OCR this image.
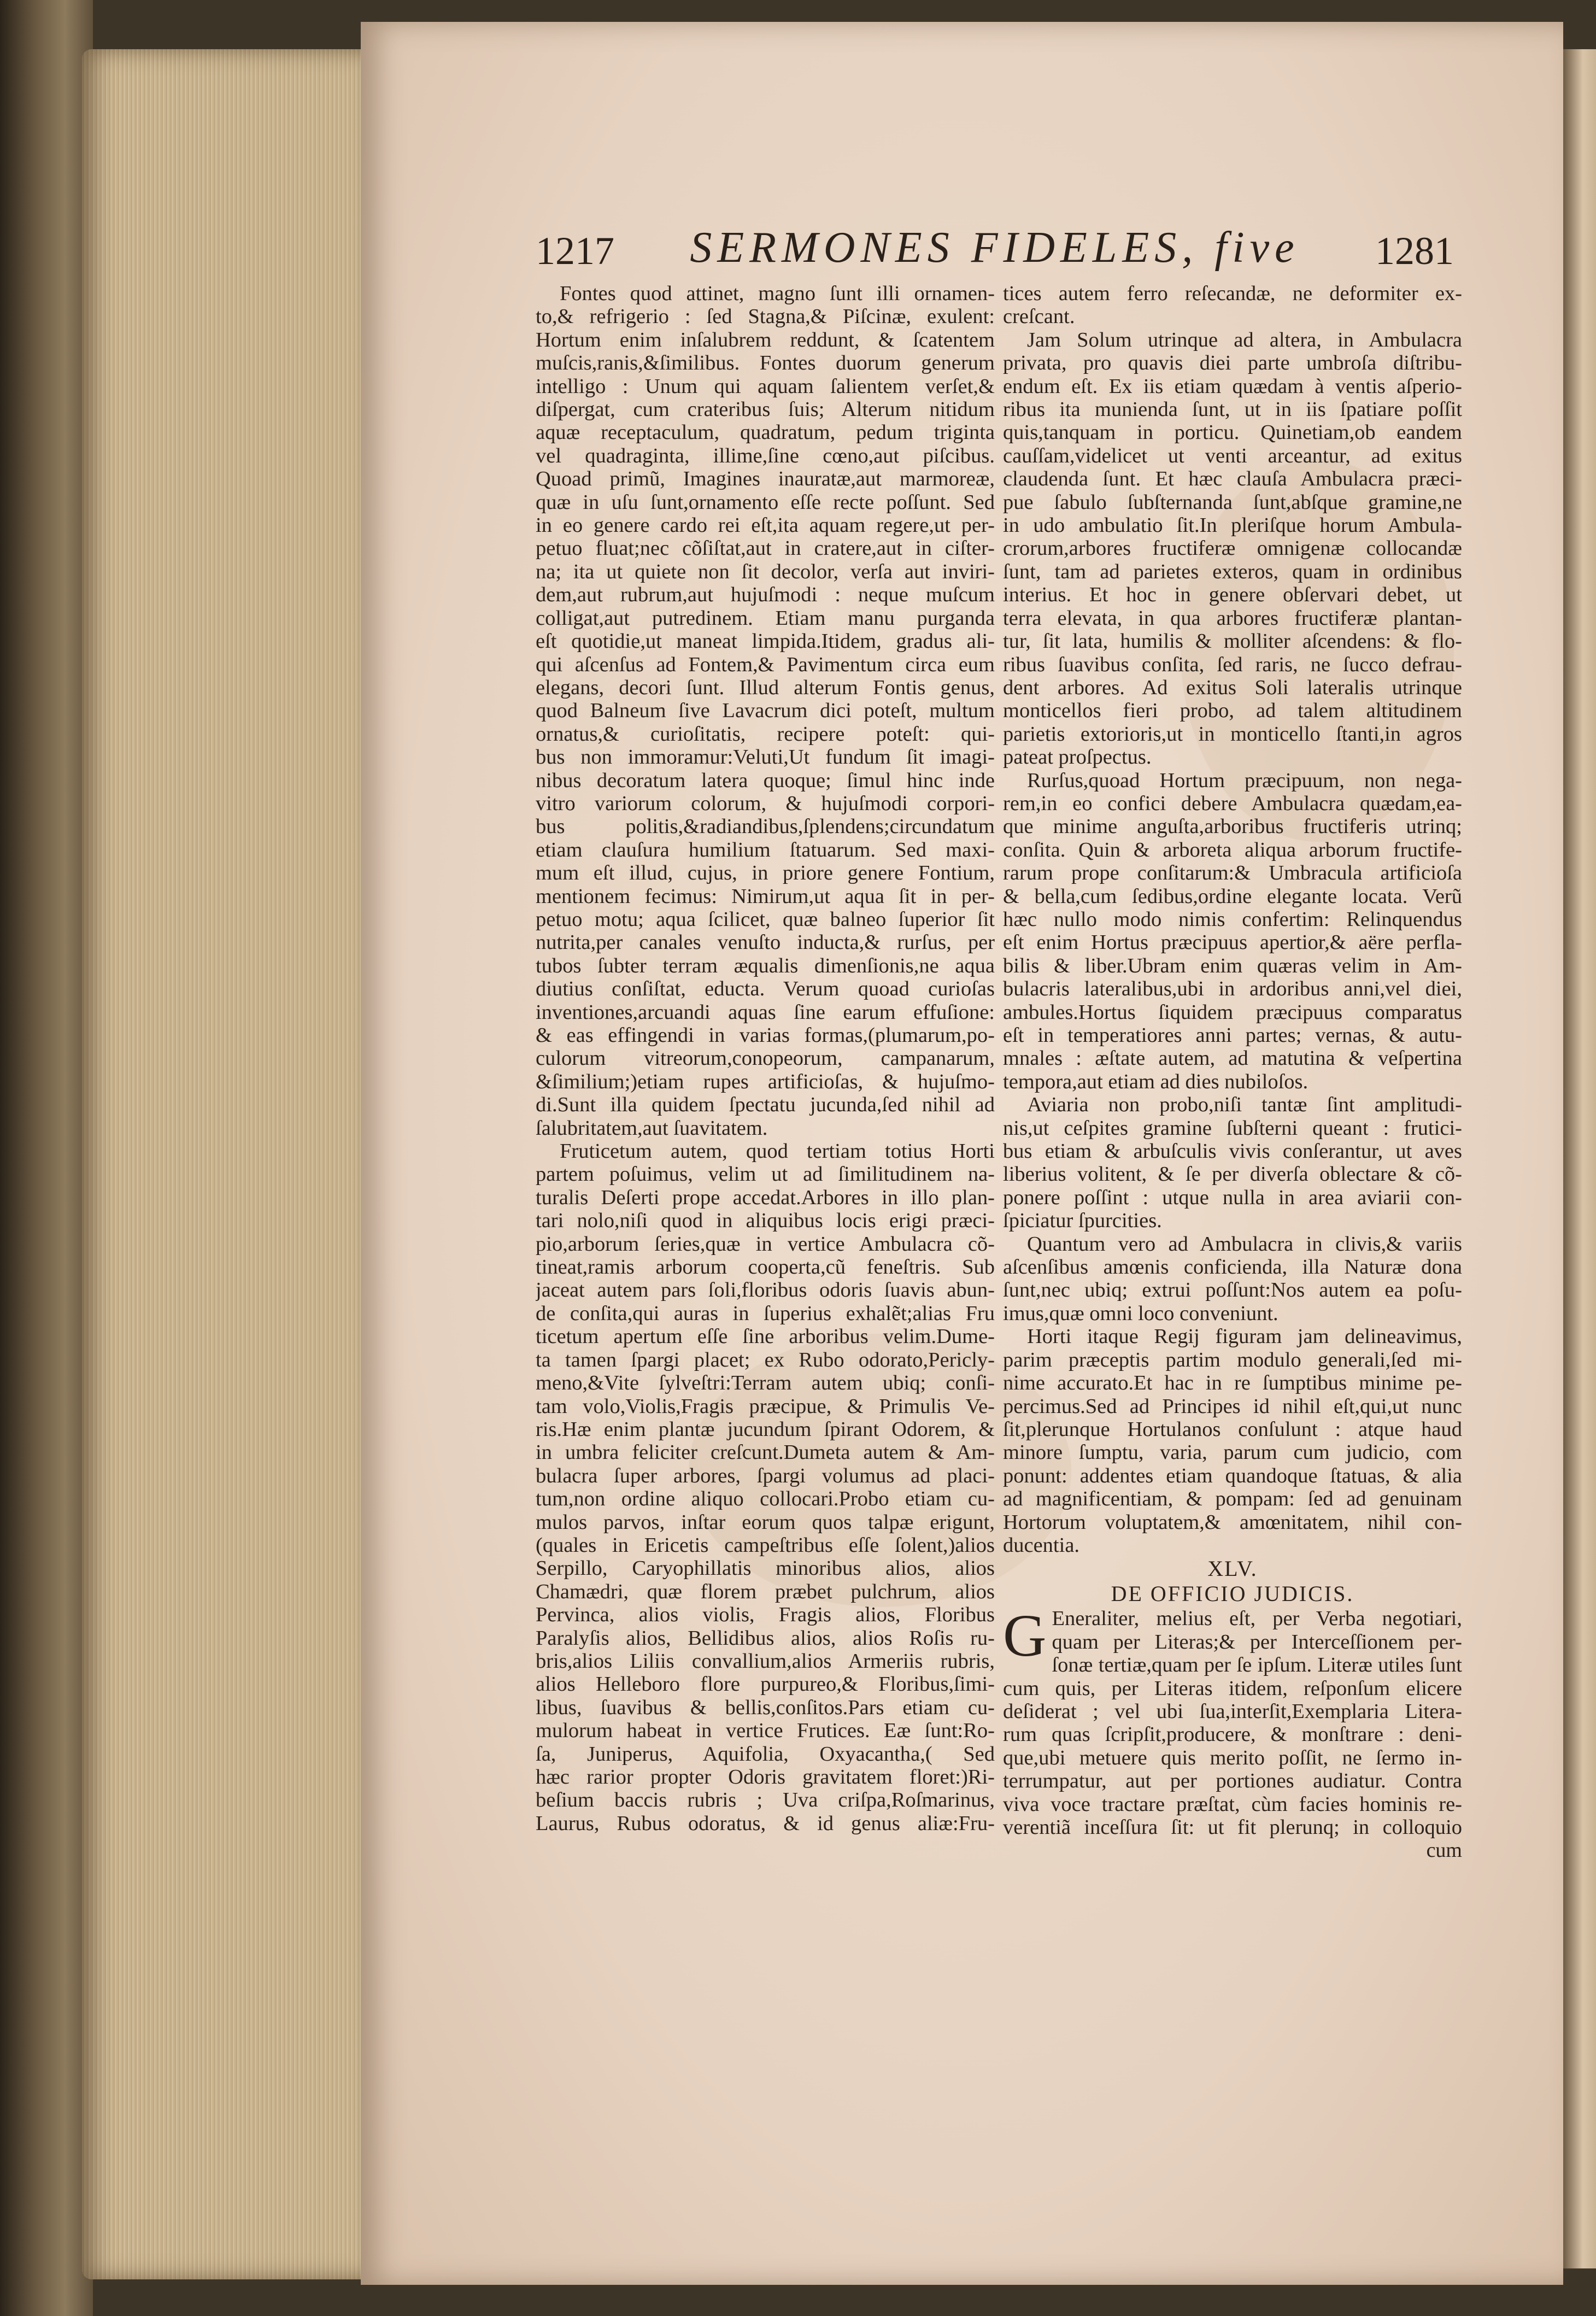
1217	SERMONES FIDELES, five	1281
Fontes quod attinet, magno ſunt illi ornamen-
to,& refrigerio : ſed Stagna,& Piſcinæ, exulent:
Hortum enim inſalubrem reddunt, & ſcatentem
muſcis,ranis,&ſimilibus. Fontes duorum generum
intelligo : Unum qui aquam ſalientem verſet,&
diſpergat, cum crateribus ſuis; Alterum nitidum
aquæ receptaculum, quadratum, pedum triginta
vel quadraginta, illime,ſine cœno,aut piſcibus.
Quoad primũ, Imagines inauratæ,aut marmoreæ,
quæ in uſu ſunt,ornamento eſſe recte poſſunt. Sed
in eo genere cardo rei eſt,ita aquam regere,ut per-
petuo fluat;nec cõſiſtat,aut in cratere,aut in ciſter-
na; ita ut quiete non ſit decolor, verſa aut inviri-
dem,aut rubrum,aut hujuſmodi : neque muſcum
colligat,aut putredinem. Etiam manu purganda
eſt quotidie,ut maneat limpida.Itidem, gradus ali-
qui aſcenſus ad Fontem,& Pavimentum circa eum
elegans, decori ſunt. Illud alterum Fontis genus,
quod Balneum ſive Lavacrum dici poteſt, multum
ornatus,& curioſitatis, recipere poteſt: qui-
bus non immoramur:Veluti,Ut fundum ſit imagi-
nibus decoratum latera quoque; ſimul hinc inde
vitro variorum colorum, & hujuſmodi corpori-
bus politis,&radiandibus,ſplendens;circundatum
etiam clauſura humilium ſtatuarum. Sed maxi-
mum eſt illud, cujus, in priore genere Fontium,
mentionem fecimus: Nimirum,ut aqua ſit in per-
petuo motu; aqua ſcilicet, quæ balneo ſuperior ſit
nutrita,per canales venuſto inducta,& rurſus, per
tubos ſubter terram æqualis dimenſionis,ne aqua
diutius conſiſtat, educta. Verum quoad curioſas
inventiones,arcuandi aquas ſine earum effuſione:
& eas effingendi in varias formas,(plumarum,po-
culorum vitreorum,conopeorum, campanarum,
&ſimilium;)etiam rupes artificioſas, & hujuſmo-
di.Sunt illa quidem ſpectatu jucunda,ſed nihil ad
ſalubritatem,aut ſuavitatem.
Fruticetum autem, quod tertiam totius Horti
partem poſuimus, velim ut ad ſimilitudinem na-
turalis Deſerti prope accedat.Arbores in illo plan-
tari nolo,niſi quod in aliquibus locis erigi præci-
pio,arborum ſeries,quæ in vertice Ambulacra cõ-
tineat,ramis arborum cooperta,cũ feneſtris. Sub
jaceat autem pars ſoli,floribus odoris ſuavis abun-
de conſita,qui auras in ſuperius exhalẽt;alias Fru
ticetum apertum eſſe ſine arboribus velim.Dume-
ta tamen ſpargi placet; ex Rubo odorato,Pericly-
meno,&Vite ſylveſtri:Terram autem ubiq; conſi-
tam volo,Violis,Fragis præcipue, & Primulis Ve-
ris.Hæ enim plantæ jucundum ſpirant Odorem, &
in umbra feliciter creſcunt.Dumeta autem & Am-
bulacra ſuper arbores, ſpargi volumus ad placi-
tum,non ordine aliquo collocari.Probo etiam cu-
mulos parvos, inſtar eorum quos talpæ erigunt,
(quales in Ericetis campeſtribus eſſe ſolent,)alios
Serpillo, Caryophillatis minoribus alios, alios
Chamædri, quæ florem præbet pulchrum, alios
Pervinca, alios violis, Fragis alios, Floribus
Paralyſis alios, Bellidibus alios, alios Roſis ru-
bris,alios Liliis convallium,alios Armeriis rubris,
alios Helleboro flore purpureo,& Floribus,ſimi-
libus, ſuavibus & bellis,conſitos.Pars etiam cu-
mulorum habeat in vertice Frutices. Eæ ſunt:Ro-
ſa, Juniperus, Aquifolia, Oxyacantha,( Sed
hæc rarior propter Odoris gravitatem floret:)Ri-
beſium baccis rubris ; Uva criſpa,Roſmarinus,
Laurus, Rubus odoratus, & id genus aliæ:Fru-
tices autem ferro reſecandæ, ne deformiter ex-
creſcant.
Jam Solum utrinque ad altera, in Ambulacra
privata, pro quavis diei parte umbroſa diſtribu-
endum eſt. Ex iis etiam quædam à ventis aſperio-
ribus ita munienda ſunt, ut in iis ſpatiare poſſit
quis,tanquam in porticu. Quinetiam,ob eandem
cauſſam,videlicet ut venti arceantur, ad exitus
claudenda ſunt. Et hæc clauſa Ambulacra præci-
pue ſabulo ſubſternanda ſunt,abſque gramine,ne
in udo ambulatio ſit.In pleriſque horum Ambula-
crorum,arbores fructiferæ omnigenæ collocandæ
ſunt, tam ad parietes exteros, quam in ordinibus
interius. Et hoc in genere obſervari debet, ut
terra elevata, in qua arbores fructiferæ plantan-
tur, ſit lata, humilis & molliter aſcendens: & flo-
ribus ſuavibus conſita, ſed raris, ne ſucco defrau-
dent arbores. Ad exitus Soli lateralis utrinque
monticellos fieri probo, ad talem altitudinem
parietis extorioris,ut in monticello ſtanti,in agros
pateat proſpectus.
Rurſus,quoad Hortum præcipuum, non nega-
rem,in eo confici debere Ambulacra quædam,ea-
que minime anguſta,arboribus fructiferis utrinq;
conſita. Quin & arboreta aliqua arborum fructife-
rarum prope conſitarum:& Umbracula artificioſa
& bella,cum ſedibus,ordine elegante locata. Verũ
hæc nullo modo nimis confertim: Relinquendus
eſt enim Hortus præcipuus apertior,& aëre perfla-
bilis & liber.Ubram enim quæras velim in Am-
bulacris lateralibus,ubi in ardoribus anni,vel diei,
ambules.Hortus ſiquidem præcipuus comparatus
eſt in temperatiores anni partes; vernas, & autu-
mnales : æſtate autem, ad matutina & veſpertina
tempora,aut etiam ad dies nubiloſos.
Aviaria non probo,niſi tantæ ſint amplitudi-
nis,ut ceſpites gramine ſubſterni queant : frutici-
bus etiam & arbuſculis vivis conſerantur, ut aves
liberius volitent, & ſe per diverſa oblectare & cõ-
ponere poſſint : utque nulla in area aviarii con-
ſpiciatur ſpurcities.
Quantum vero ad Ambulacra in clivis,& variis
aſcenſibus amœnis conficienda, illa Naturæ dona
ſunt,nec ubiq; extrui poſſunt:Nos autem ea poſu-
imus,quæ omni loco conveniunt.
Horti itaque Regij figuram jam delineavimus,
parim præceptis partim modulo generali,ſed mi-
nime accurato.Et hac in re ſumptibus minime pe-
percimus.Sed ad Principes id nihil eſt,qui,ut nunc
ſit,plerunque Hortulanos conſulunt : atque haud
minore ſumptu, varia, parum cum judicio, com
ponunt: addentes etiam quandoque ſtatuas, & alia
ad magnificentiam, & pompam: ſed ad genuinam
Hortorum voluptatem,& amœnitatem, nihil con-
ducentia.
XLV.
DE OFFICIO JUDICIS.
G Eneraliter, melius eſt, per Verba negotiari,
quam per Literas;& per Interceſſionem per-
ſonæ tertiæ,quam per ſe ipſum. Literæ utiles ſunt
cum quis, per Literas itidem, reſponſum elicere
deſiderat ; vel ubi ſua,interſit,Exemplaria Litera-
rum quas ſcripſit,producere, & monſtrare : deni-
que,ubi metuere quis merito poſſit, ne ſermo in-
terrumpatur, aut per portiones audiatur. Contra
viva voce tractare præſtat, cùm facies hominis re-
verentiã inceſſura ſit: ut fit plerunq; in colloquio
cum
